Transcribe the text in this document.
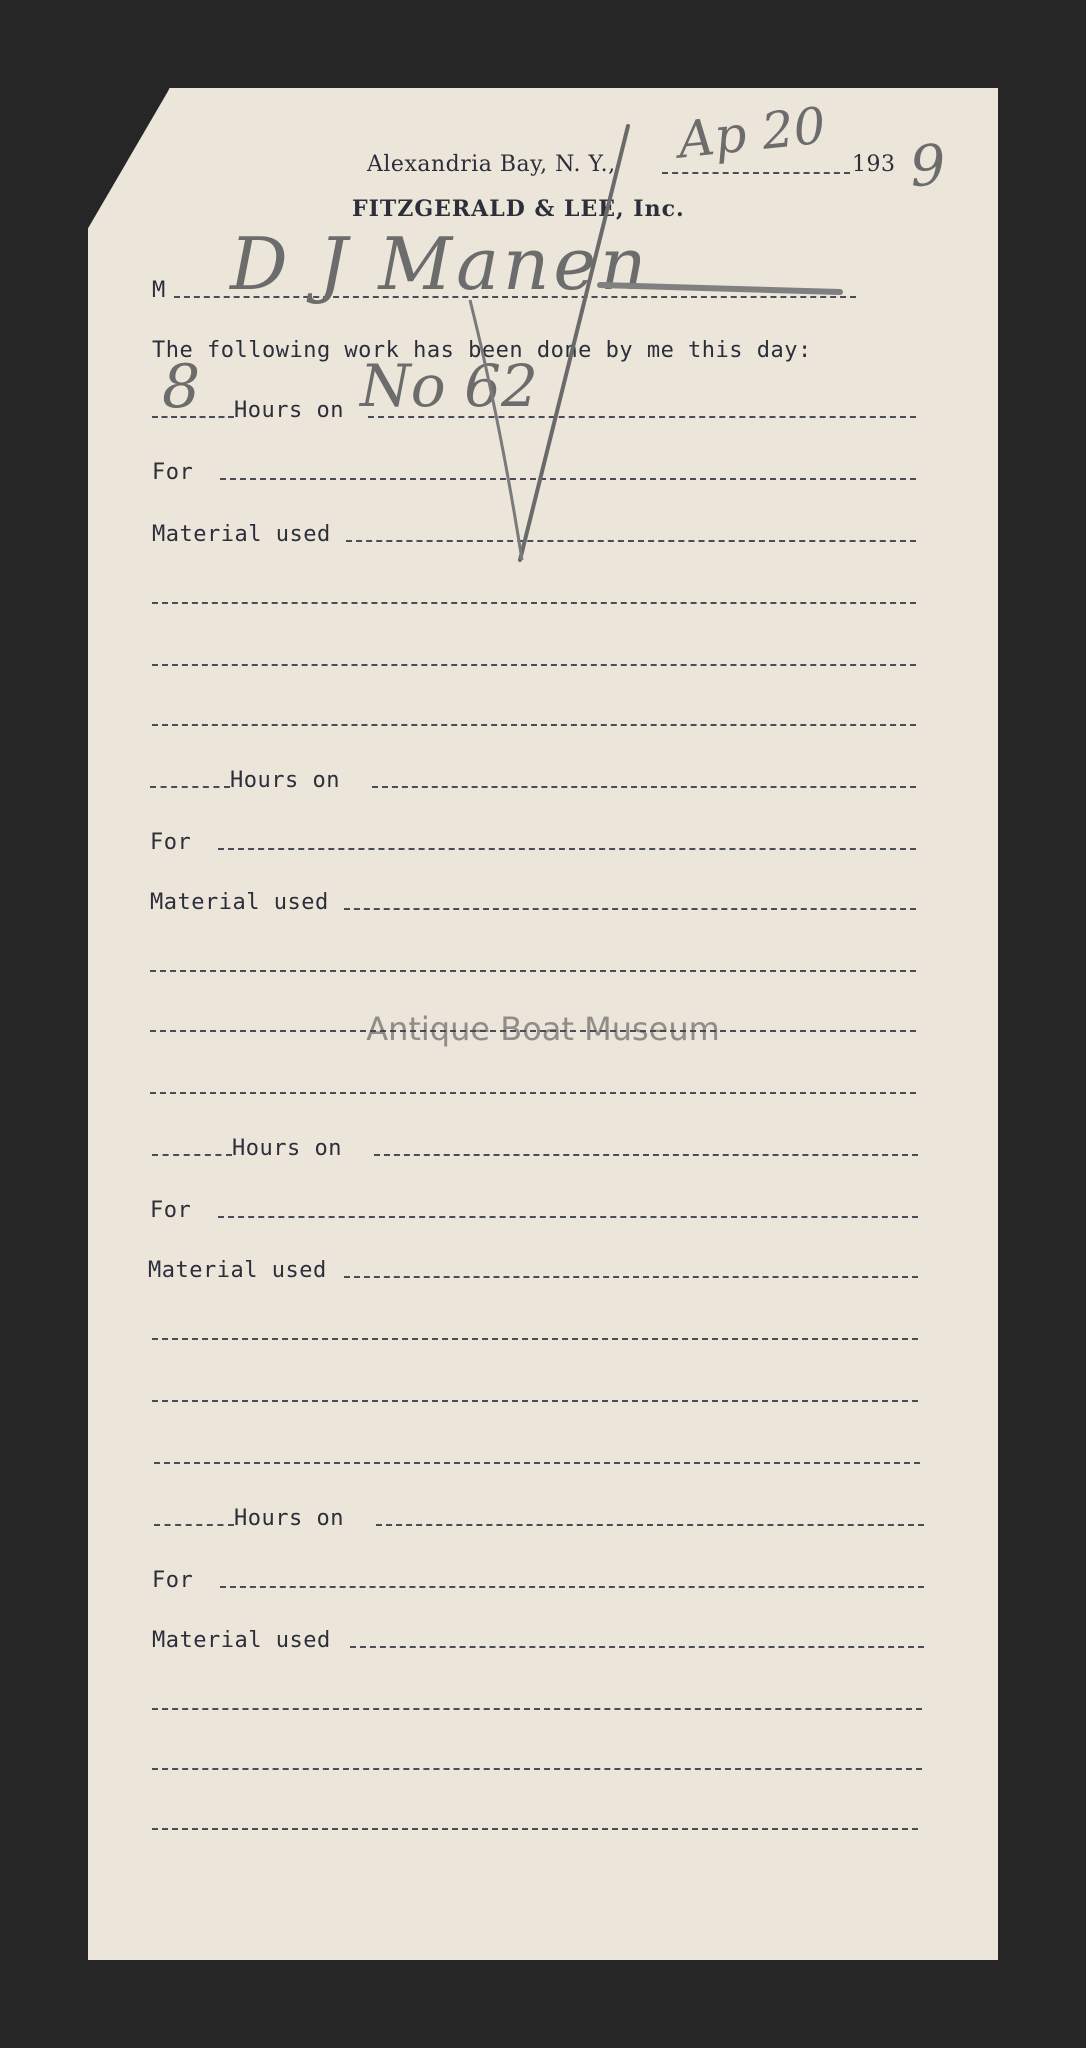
Alexandria Bay, N. Y.,	193
FITZGERALD & LEE, Inc.
M
The following work has been done by me this day:
Hours on
For
Material used
Hours on
For
Material used
Hours on
For
Material used
Hours on
For
Material used
Ap 20 9
D J Manen
8	No 62
Antique Boat Museum
